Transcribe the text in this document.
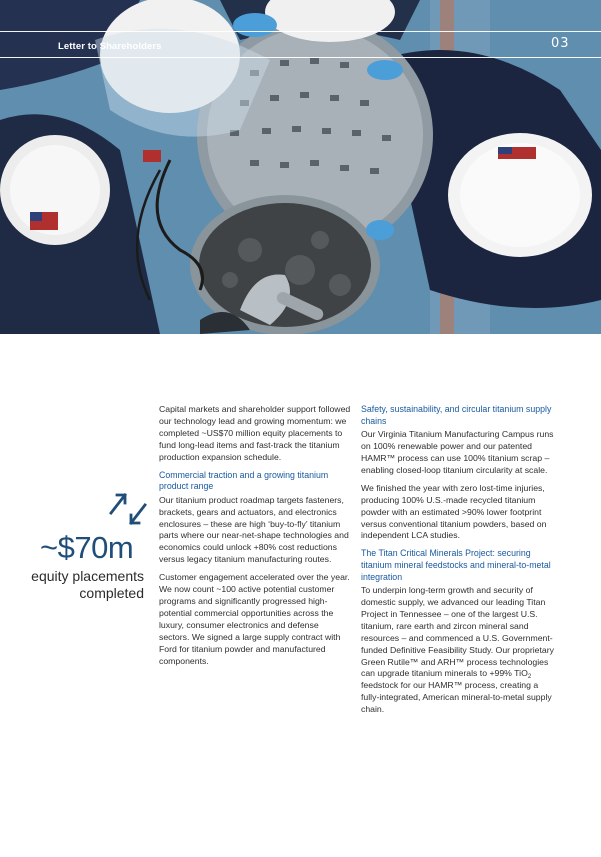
Letter to Shareholders	03
~$70m
equity placements
completed

Capital markets and shareholder support followed our technology lead and growing momentum: we completed ~US$70 million equity placements to fund long-lead items and fast-track the titanium production expansion schedule.

Commercial traction and a growing titanium product range

Our titanium product roadmap targets fasteners, brackets, gears and actuators, and electronics enclosures – these are high ‘buy-to-fly’ titanium parts where our near-net-shape technologies and economics could unlock +80% cost reductions versus legacy titanium manufacturing routes.

Customer engagement accelerated over the year. We now count ~100 active potential customer programs and significantly progressed high-potential commercial opportunities across the luxury, consumer electronics and defense sectors. We signed a large supply contract with Ford for titanium powder and manufactured components.

Safety, sustainability, and circular titanium supply chains

Our Virginia Titanium Manufacturing Campus runs on 100% renewable power and our patented HAMR™ process can use 100% titanium scrap – enabling closed-loop titanium circularity at scale.

We finished the year with zero lost-time injuries, producing 100% U.S.-made recycled titanium powder with an estimated >90% lower footprint versus conventional titanium powders, based on independent LCA studies.

The Titan Critical Minerals Project: securing titanium mineral feedstocks and mineral-to-metal integration

To underpin long-term growth and security of domestic supply, we advanced our leading Titan Project in Tennessee – one of the largest U.S. titanium, rare earth and zircon mineral sand resources – and commenced a U.S. Government-funded Definitive Feasibility Study. Our proprietary Green Rutile™ and ARH™ process technologies can upgrade titanium minerals to +99% TiO$_2$ feedstock for our HAMR™ process, creating a fully-integrated, American mineral-to-metal supply chain.
